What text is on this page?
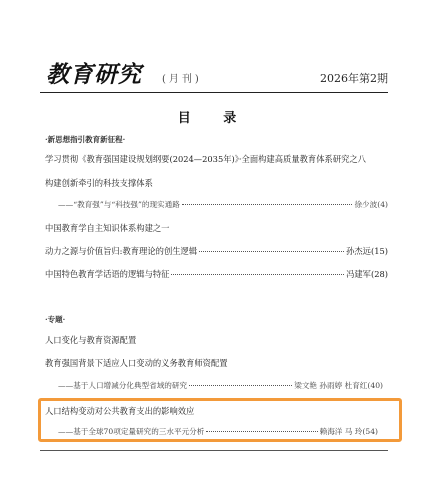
教育研究 (月刊)	2026年第2期
目 录
·新思想指引教育新征程·
学习贯彻《教育强国建设规划纲要(2024—2035年)》·全面构建高质量教育体系研究之八
构建创新牵引的科技支撑体系
——“教育强”与“科技强”的现实通路	徐少波(4)
中国教育学自主知识体系构建之一
动力之源与价值旨归:教育理论的创生逻辑	孙杰远(15)
中国特色教育学话语的逻辑与特征	冯建军(28)
·专题·
人口变化与教育资源配置
教育强国背景下适应人口变动的义务教育师资配置
——基于人口增减分化典型省域的研究	梁文艳 孙雨婷 杜育红(40)
人口结构变动对公共教育支出的影响效应
——基于全球70项定量研究的三水平元分析	赖海洋 马 玲(54)
